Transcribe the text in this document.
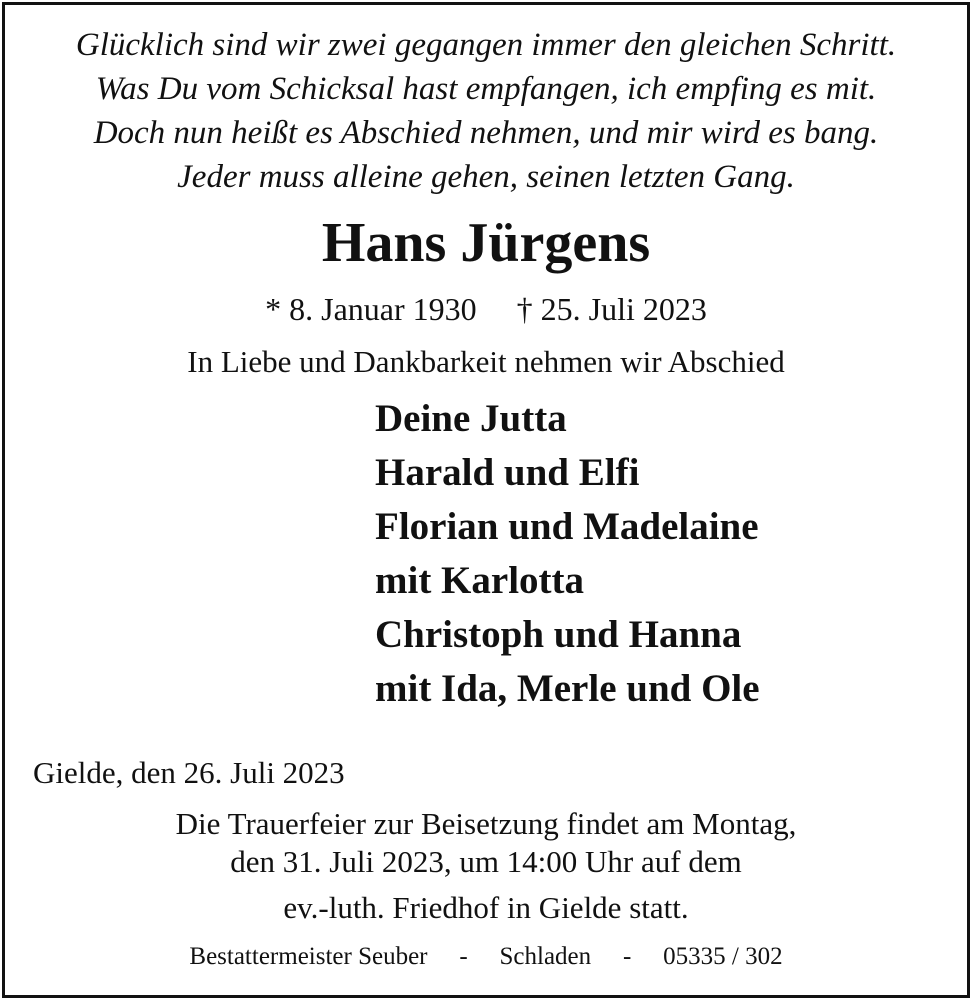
Glücklich sind wir zwei gegangen immer den gleichen Schritt.
Was Du vom Schicksal hast empfangen, ich empfing es mit.
Doch nun heißt es Abschied nehmen, und mir wird es bang.
Jeder muss alleine gehen, seinen letzten Gang.
Hans Jürgens
* 8. Januar 1930 † 25. Juli 2023
In Liebe und Dankbarkeit nehmen wir Abschied
Deine Jutta
Harald und Elfi
Florian und Madelaine
mit Karlotta
Christoph und Hanna
mit Ida, Merle und Ole
Gielde, den 26. Juli 2023
Die Trauerfeier zur Beisetzung findet am Montag,
den 31. Juli 2023, um 14:00 Uhr auf dem
ev.-luth. Friedhof in Gielde statt.
Bestattermeister Seuber - Schladen - 05335 / 302
